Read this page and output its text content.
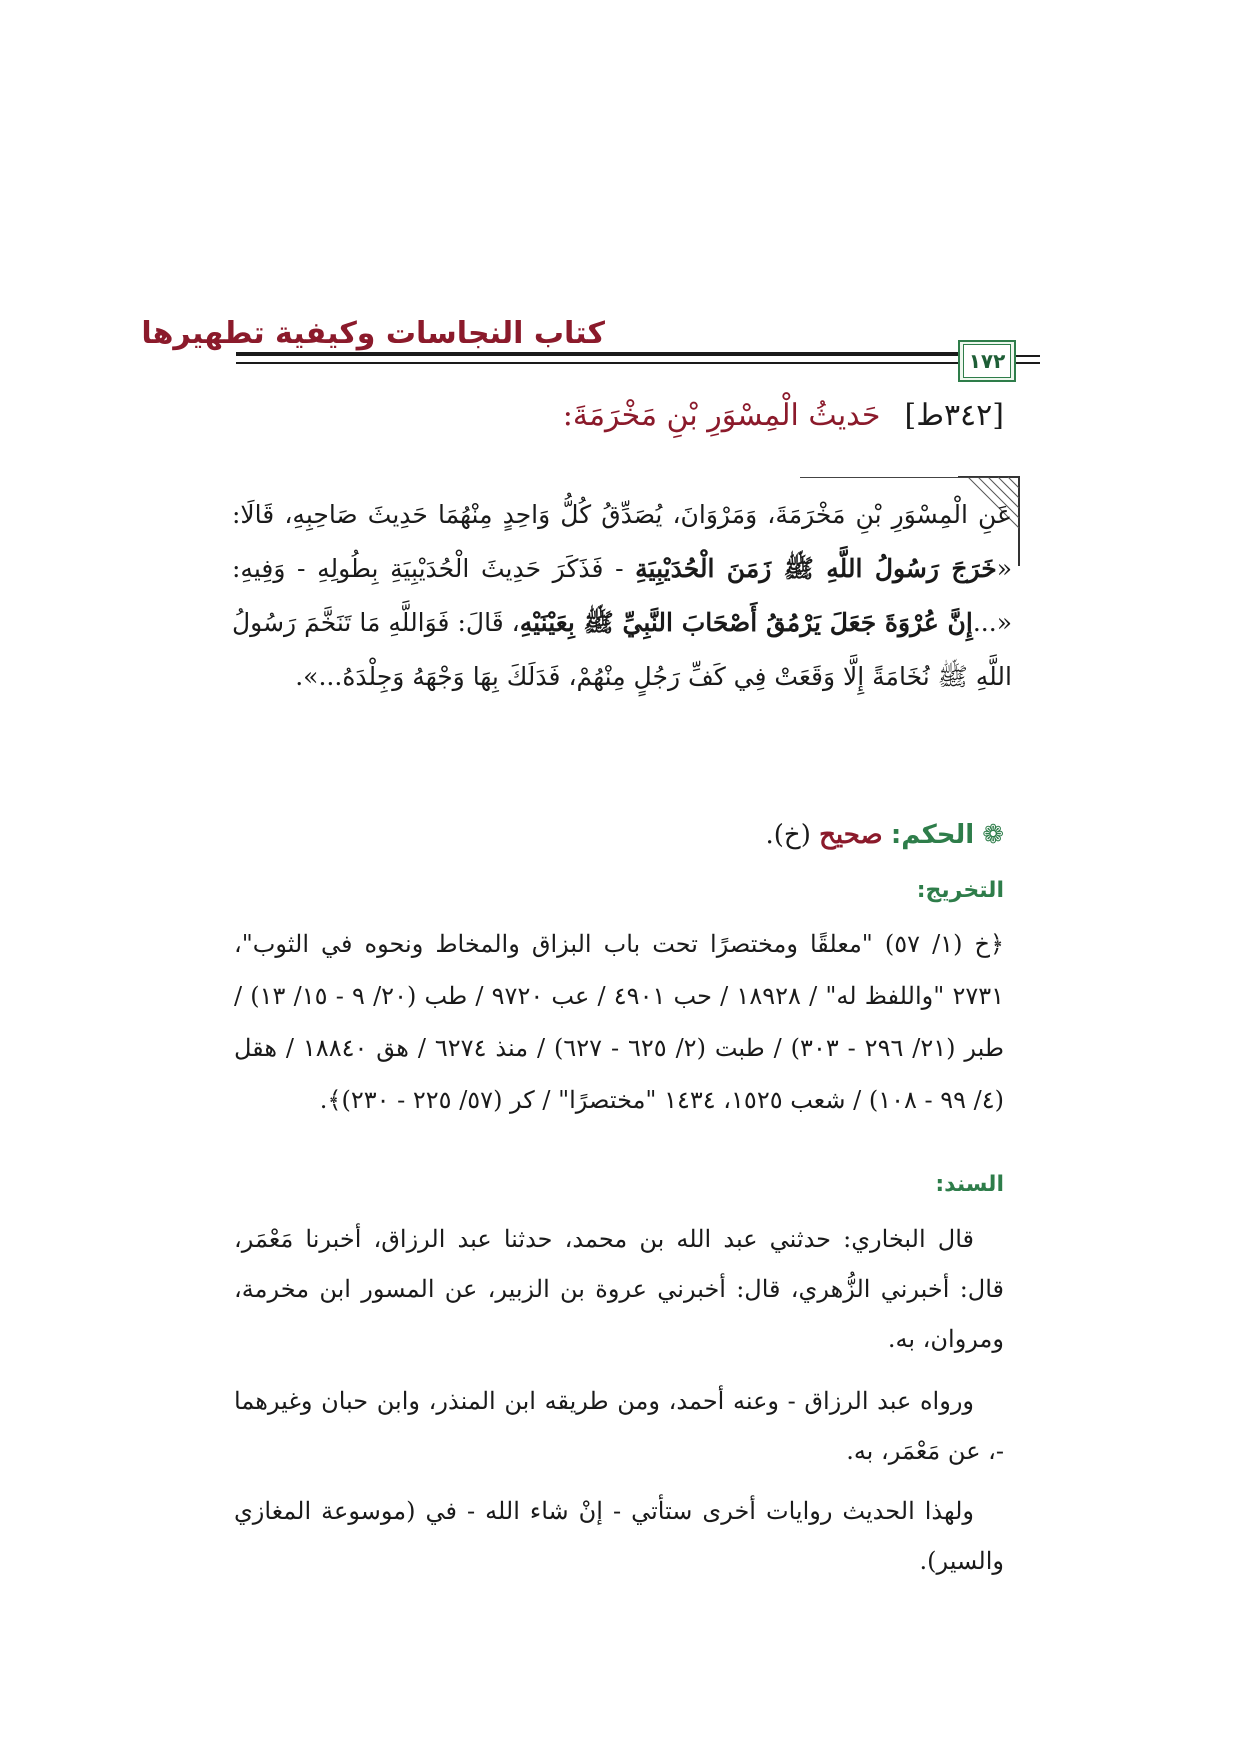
كتاب النجاسات وكيفية تطهيرها
١٧٢
[٣٤٢ط]حَديثُ الْمِسْوَرِ بْنِ مَخْرَمَةَ:
عَنِ الْمِسْوَرِ بْنِ مَخْرَمَةَ، وَمَرْوَانَ، يُصَدِّقُ كُلُّ وَاحِدٍ مِنْهُمَا حَدِيثَ صَاحِبِهِ، قَالَا: «خَرَجَ رَسُولُ اللَّهِ ﷺ زَمَنَ الْحُدَيْبِيَةِ - فَذَكَرَ حَدِيثَ الْحُدَيْبِيَةِ بِطُولِهِ - وَفِيهِ: «...إِنَّ عُرْوَةَ جَعَلَ يَرْمُقُ أَصْحَابَ النَّبِيِّ ﷺ بِعَيْنَيْهِ، قَالَ: فَوَاللَّهِ مَا تَنَخَّمَ رَسُولُ اللَّهِ ﷺ نُخَامَةً إِلَّا وَقَعَتْ فِي كَفِّ رَجُلٍ مِنْهُمْ، فَدَلَكَ بِهَا وَجْهَهُ وَجِلْدَهُ...».
❁الحكم: صحيح (خ).
التخريج:
﴿خ (١/ ٥٧) "معلقًا ومختصرًا تحت باب البزاق والمخاط ونحوه في الثوب"، ٢٧٣١ "واللفظ له" / ١٨٩٢٨ / حب ٤٩٠١ / عب ٩٧٢٠ / طب (٢٠/ ٩ - ١٥/ ١٣) / طبر (٢١/ ٢٩٦ - ٣٠٣) / طبت (٢/ ٦٢٥ - ٦٢٧) / منذ ٦٢٧٤ / هق ١٨٨٤٠ / هقل (٤/ ٩٩ - ١٠٨) / شعب ١٥٢٥، ١٤٣٤ "مختصرًا" / كر (٥٧/ ٢٢٥ - ٢٣٠)﴾.
السند:

قال البخاري: حدثني عبد الله بن محمد، حدثنا عبد الرزاق، أخبرنا مَعْمَر، قال: أخبرني الزُّهري، قال: أخبرني عروة بن الزبير، عن المسور ابن مخرمة، ومروان، به.

ورواه عبد الرزاق - وعنه أحمد، ومن طريقه ابن المنذر، وابن حبان وغيرهما -، عن مَعْمَر، به.

ولهذا الحديث روايات أخرى ستأتي - إنْ شاء الله - في (موسوعة المغازي والسير).
